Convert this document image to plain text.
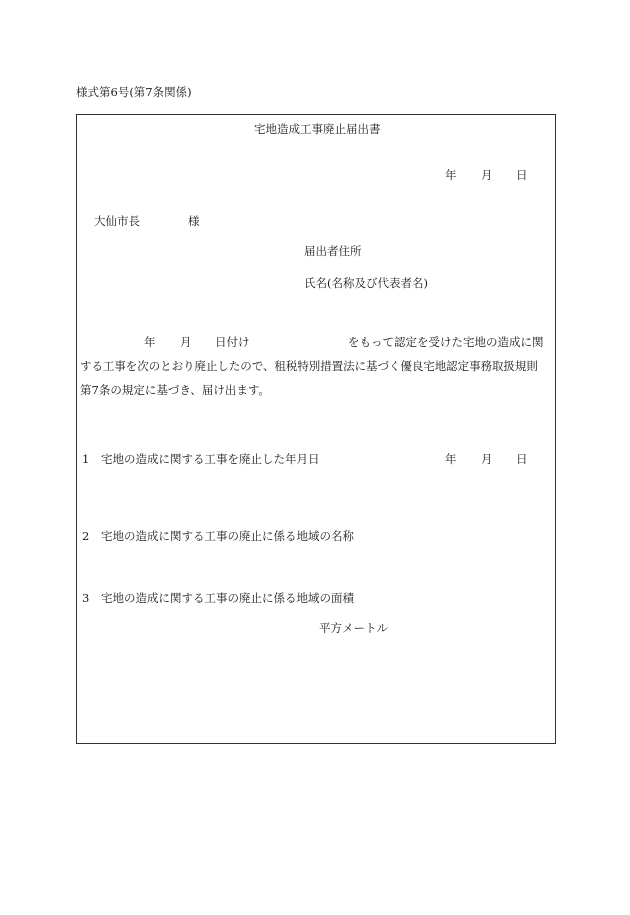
様式第6号(第7条関係)
宅地造成工事廃止届出書
年 月 日
大仙市長	様
届出者住所
氏名(名称及び代表者名)
年 月 日付け	をもって認定を受けた宅地の造成に関
する工事を次のとおり廃止したので、租税特別措置法に基づく優良宅地認定事務取扱規則
第7条の規定に基づき、届け出ます。
1 宅地の造成に関する工事を廃止した年月日	年 月 日
2 宅地の造成に関する工事の廃止に係る地域の名称
3 宅地の造成に関する工事の廃止に係る地域の面積
平方メートル
